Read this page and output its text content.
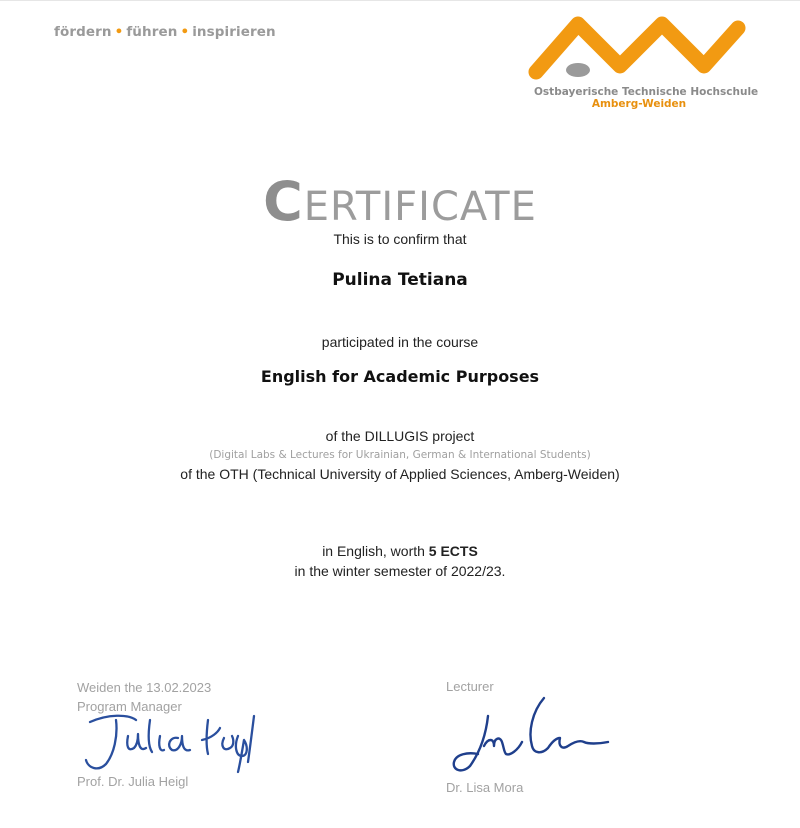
fördern • führen • inspirieren
Ostbayerische Technische Hochschule
Amberg-Weiden
CERTIFICATE
This is to confirm that
Pulina Tetiana
participated in the course
English for Academic Purposes
of the DILLUGIS project
(Digital Labs & Lectures for Ukrainian, German & International Students)
of the OTH (Technical University of Applied Sciences, Amberg-Weiden)
in English, worth 5 ECTS
in the winter semester of 2022/23.
Weiden the 13.02.2023
Program Manager
Prof. Dr. Julia Heigl
Lecturer
Dr. Lisa Mora
